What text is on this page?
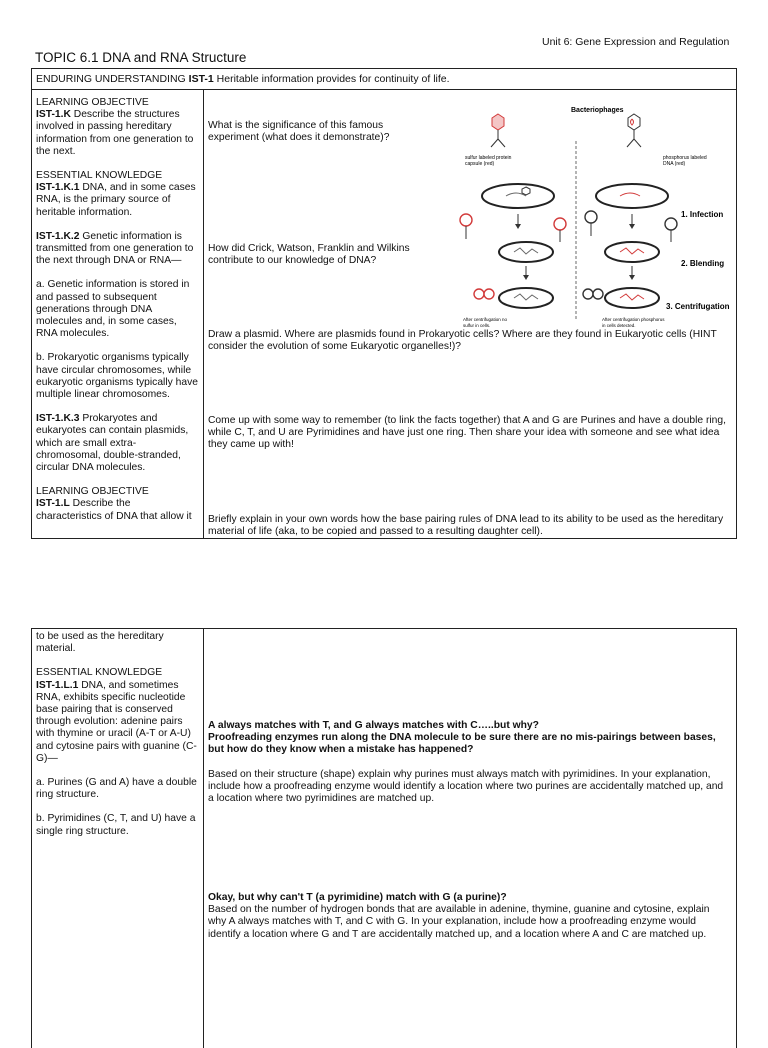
Unit 6: Gene Expression and Regulation
TOPIC 6.1 DNA and RNA Structure
ENDURING UNDERSTANDING IST-1 Heritable information provides for continuity of life.
LEARNING OBJECTIVE
IST-1.K Describe the structures involved in passing hereditary information from one generation to the next.
ESSENTIAL KNOWLEDGE
IST-1.K.1 DNA, and in some cases RNA, is the primary source of heritable information.
IST-1.K.2 Genetic information is transmitted from one generation to the next through DNA or RNA—
a. Genetic information is stored in and passed to subsequent generations through DNA molecules and, in some cases, RNA molecules.
b. Prokaryotic organisms typically have circular chromosomes, while eukaryotic organisms typically have multiple linear chromosomes.
IST-1.K.3 Prokaryotes and eukaryotes can contain plasmids, which are small extra-chromosomal, double-stranded, circular DNA molecules.
LEARNING OBJECTIVE
IST-1.L Describe the characteristics of DNA that allow it
What is the significance of this famous experiment (what does it demonstrate)?
How did Crick, Watson, Franklin and Wilkins contribute to our knowledge of DNA?
Draw a plasmid. Where are plasmids found in Prokaryotic cells? Where are they found in Eukaryotic cells (HINT consider the evolution of some Eukaryotic organelles!)?
Come up with some way to remember (to link the facts together) that A and G are Purines and have a double ring, while C, T, and U are Pyrimidines and have just one ring. Then share your idea with someone and see what idea they came up with!
Briefly explain in your own words how the base pairing rules of DNA lead to its ability to be used as the hereditary material of life (aka, to be copied and passed to a resulting daughter cell).
Bacteriophages
sulfur labeled protein capsule (red)
phosphorus labeled DNA (red)
1. Infection
2. Blending
3. Centrifugation
After centrifugation no sulfur in cells.
After centrifugation phosphorus in cells detected.
to be used as the hereditary material.
ESSENTIAL KNOWLEDGE
IST-1.L.1 DNA, and sometimes RNA, exhibits specific nucleotide base pairing that is conserved through evolution: adenine pairs with thymine or uracil (A-T or A-U) and cytosine pairs with guanine (C-G)—
a. Purines (G and A) have a double ring structure.
b. Pyrimidines (C, T, and U) have a single ring structure.
A always matches with T, and G always matches with C…..but why?
Proofreading enzymes run along the DNA molecule to be sure there are no mis-pairings between bases, but how do they know when a mistake has happened?
Based on their structure (shape) explain why purines must always match with pyrimidines. In your explanation, include how a proofreading enzyme would identify a location where two purines are accidentally matched up, and a location where two pyrimidines are matched up.
Okay, but why can't T (a pyrimidine) match with G (a purine)?
Based on the number of hydrogen bonds that are available in adenine, thymine, guanine and cytosine, explain why A always matches with T, and C with G. In your explanation, include how a proofreading enzyme would identify a location where G and T are accidentally matched up, and a location where A and C are matched up.
